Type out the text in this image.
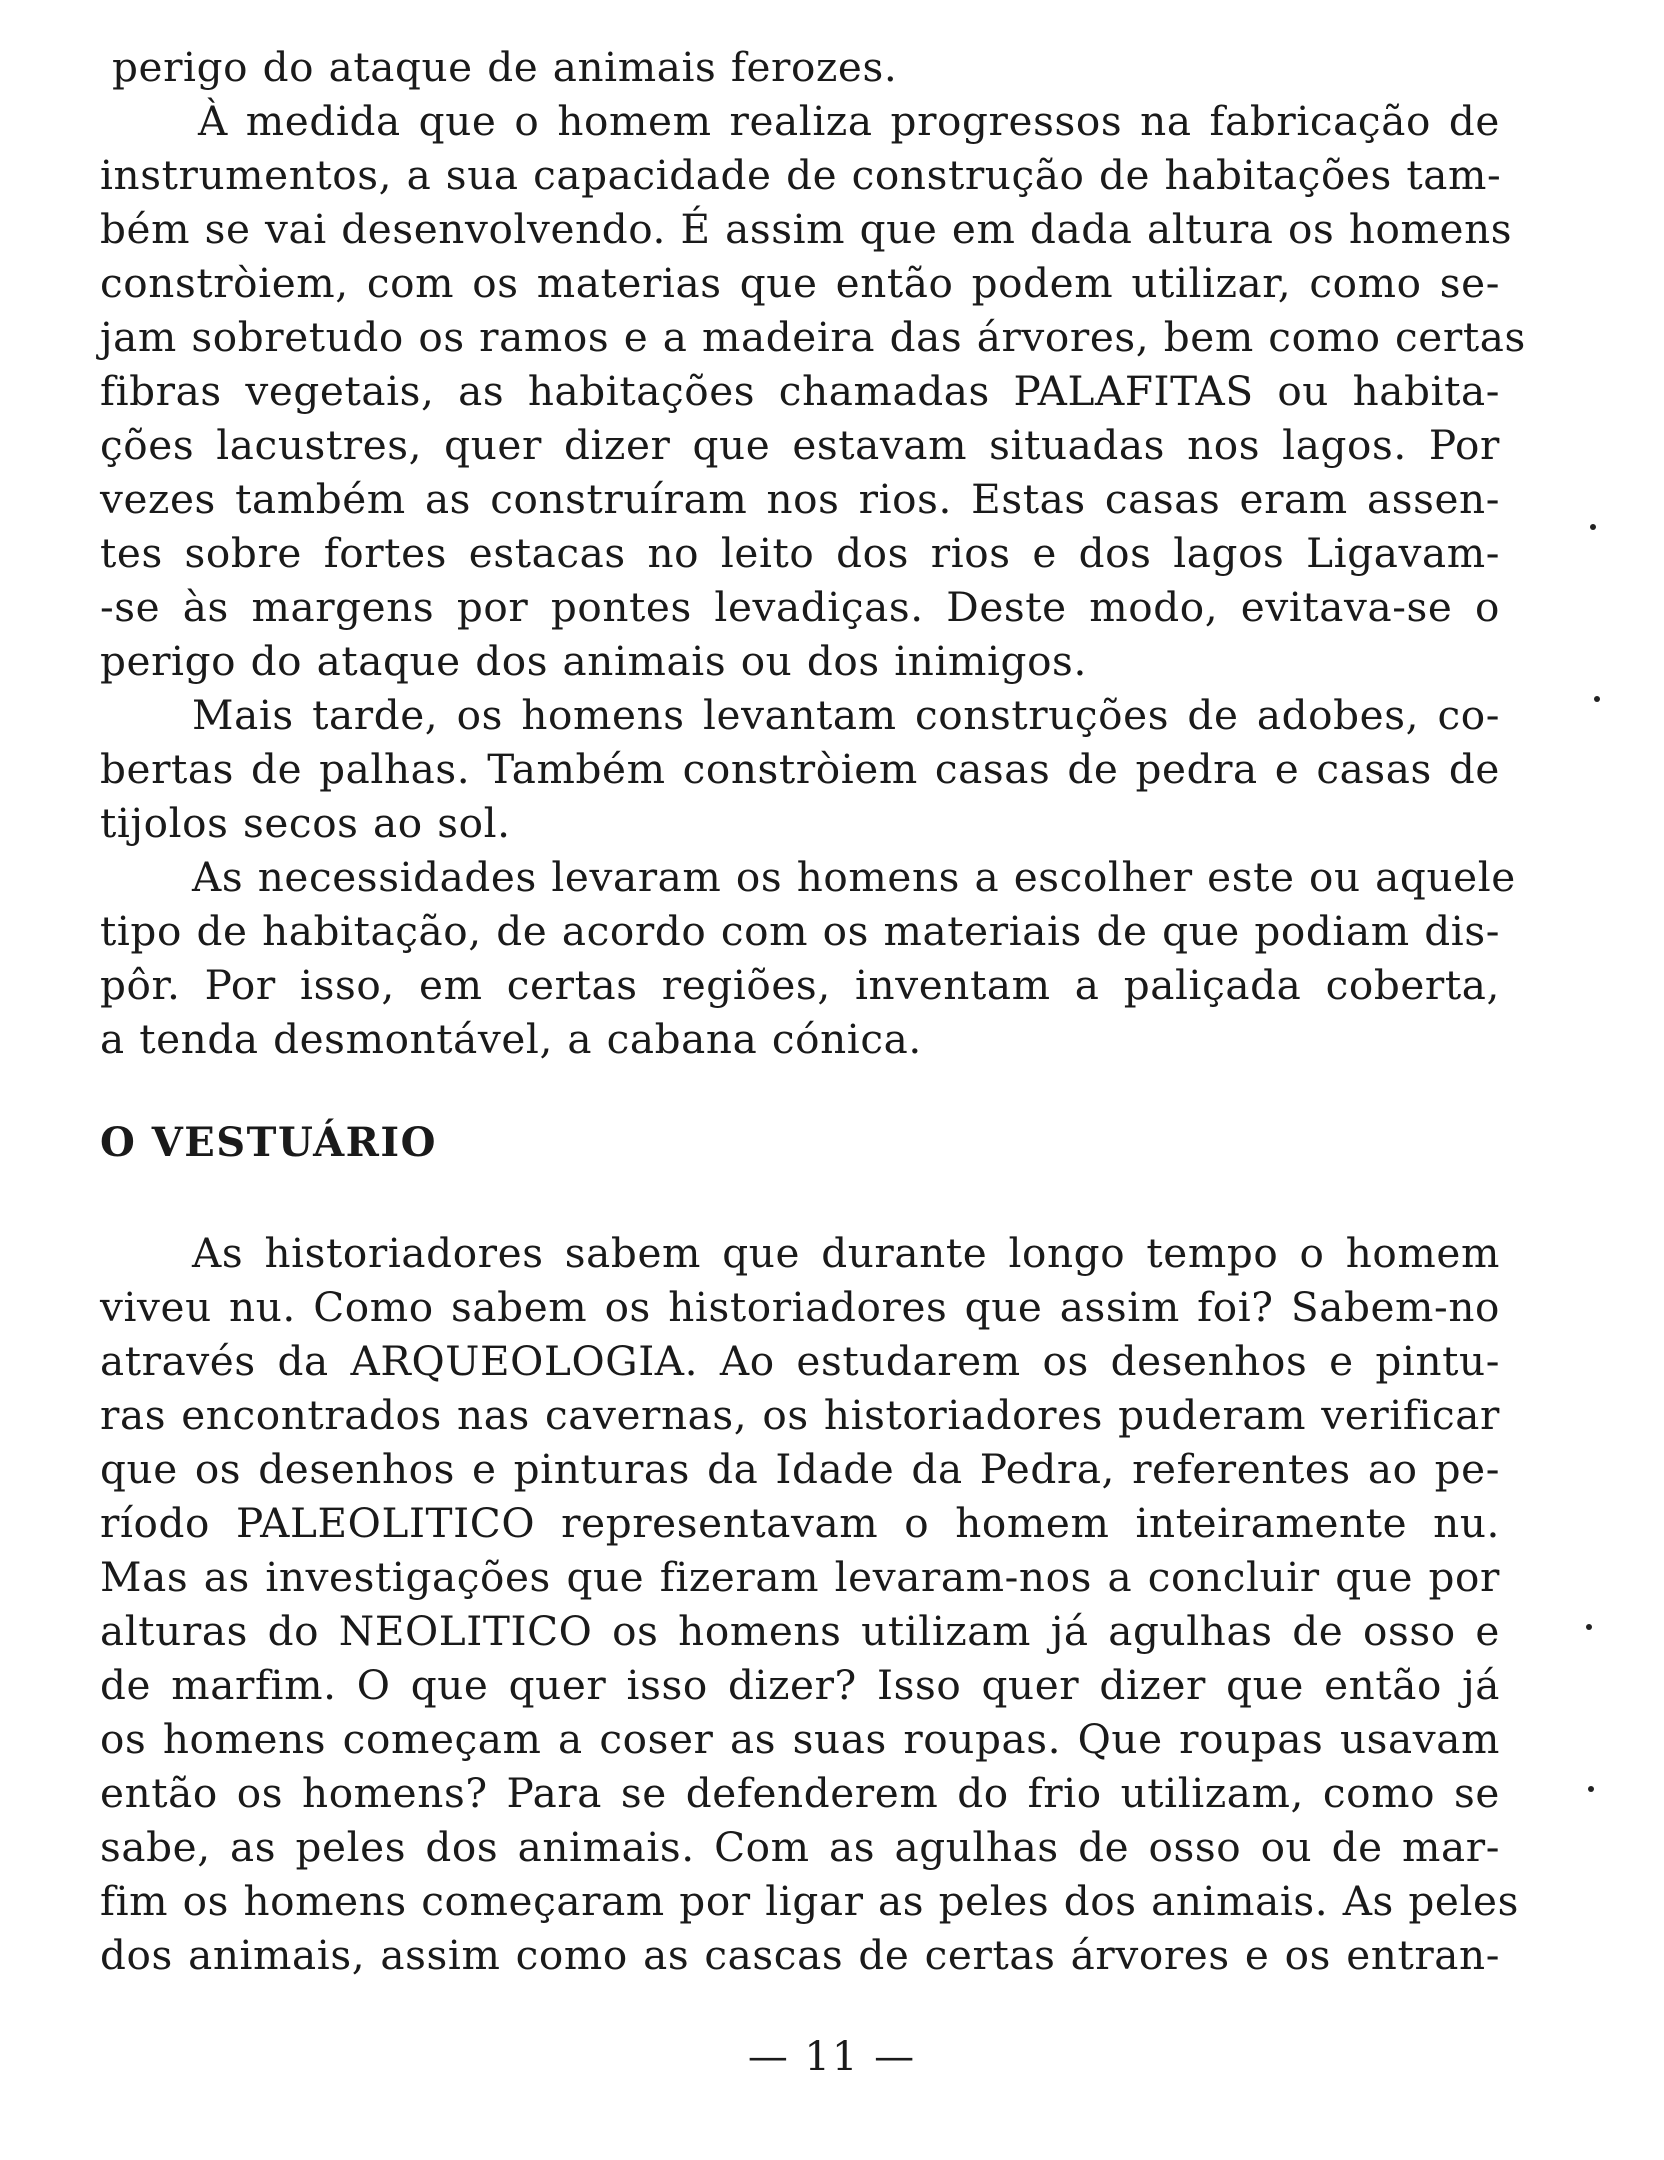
perigo do ataque de animais ferozes.
À medida que o homem realiza progressos na fabricação de
instrumentos, a sua capacidade de construção de habitações tam-
bém se vai desenvolvendo. É assim que em dada altura os homens
constròiem, com os materias que então podem utilizar, como se-
jam sobretudo os ramos e a madeira das árvores, bem como certas
fibras vegetais, as habitações chamadas PALAFITAS ou habita-
ções lacustres, quer dizer que estavam situadas nos lagos. Por
vezes também as construíram nos rios. Estas casas eram assen-
tes sobre fortes estacas no leito dos rios e dos lagos Ligavam-
-se às margens por pontes levadiças. Deste modo, evitava-se o
perigo do ataque dos animais ou dos inimigos.
Mais tarde, os homens levantam construções de adobes, co-
bertas de palhas. Também constròiem casas de pedra e casas de
tijolos secos ao sol.
As necessidades levaram os homens a escolher este ou aquele
tipo de habitação, de acordo com os materiais de que podiam dis-
pôr. Por isso, em certas regiões, inventam a paliçada coberta,
a tenda desmontável, a cabana cónica.
O VESTUÁRIO
As historiadores sabem que durante longo tempo o homem
viveu nu. Como sabem os historiadores que assim foi? Sabem-no
através da ARQUEOLOGIA. Ao estudarem os desenhos e pintu-
ras encontrados nas cavernas, os historiadores puderam verificar
que os desenhos e pinturas da Idade da Pedra, referentes ao pe-
ríodo PALEOLITICO representavam o homem inteiramente nu.
Mas as investigações que fizeram levaram-nos a concluir que por
alturas do NEOLITICO os homens utilizam já agulhas de osso e
de marfim. O que quer isso dizer? Isso quer dizer que então já
os homens começam a coser as suas roupas. Que roupas usavam
então os homens? Para se defenderem do frio utilizam, como se
sabe, as peles dos animais. Com as agulhas de osso ou de mar-
fim os homens começaram por ligar as peles dos animais. As peles
dos animais, assim como as cascas de certas árvores e os entran-
— 11 —
